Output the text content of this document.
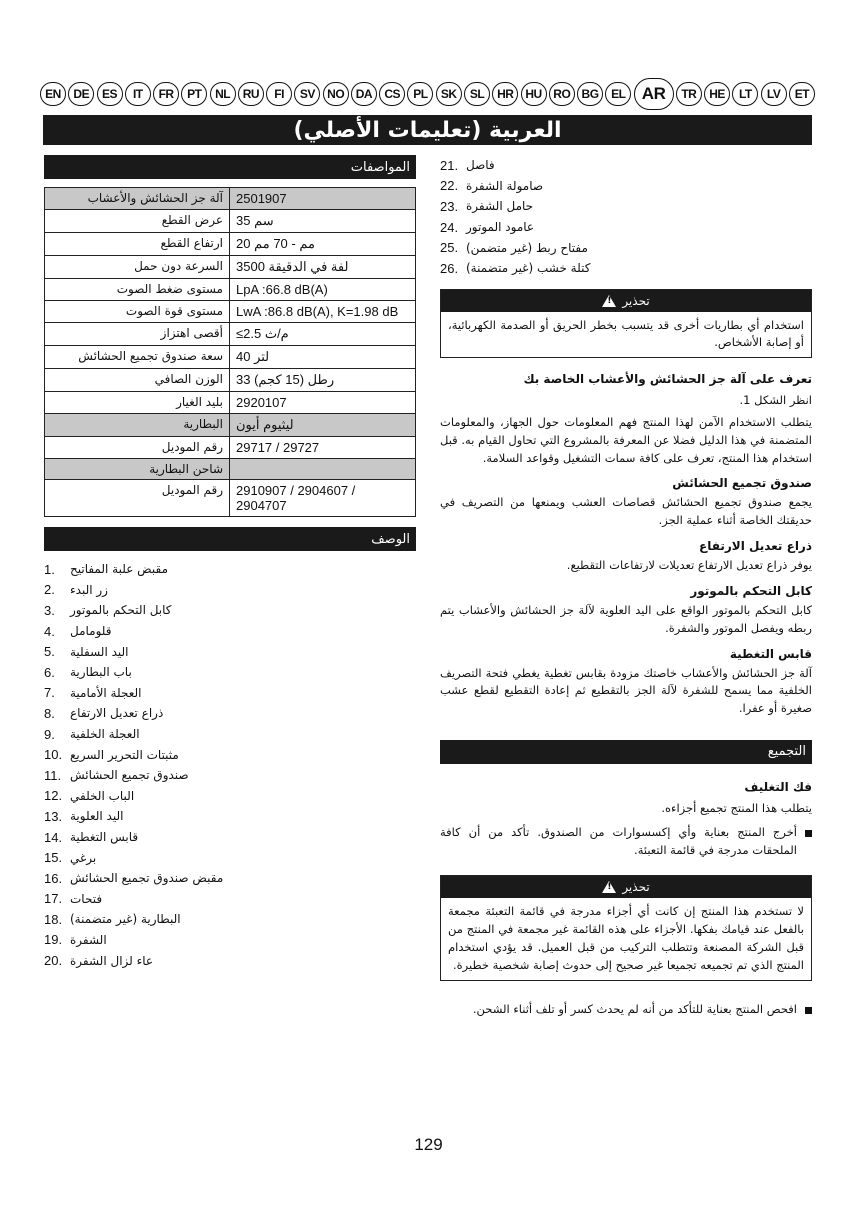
EN	DE	ES	IT	FR	PT	NL	RU	FI	SV	NO DA	CS	PL	SK	SL	HR HU RO BG	EL AR	TR	HE	LT	LV	ET
العربية (تعليمات الأصلي)
المواصفات
آلة جز الحشائش والأعشاب	2501907
عرض القطع	35 سم
ارتفاع القطع	20 مم - 70 مم
السرعة دون حمل	3500 لفة في الدقيقة
مستوى ضغط الصوت	LpA :66.8 dB(A)
مستوى قوة الصوت	LwA :86.8 dB(A), K=1.98 dB
أقصى اهتزاز	≤2.5 م/ث
سعة صندوق تجميع الحشائش	40 لتر
الوزن الصافي	33 رطل (15 كجم)
بليد الغيار	2920107
البطارية	ليثيوم أيون
رقم الموديل	29717 / 29727
شاحن البطارية	
رقم الموديل	2910907 / 2904607 / 2904707
الوصف
1.	مقبض علبة المفاتيح
2.	زر البدء
3.	كابل التحكم بالموتور
4.	قلومامل
5.	اليد السفلية
6.	باب البطارية
7.	العجلة الأمامية
8.	ذراع تعديل الارتفاع
9.	العجلة الخلفية
10. مثبتات التحرير السريع
11. صندوق تجميع الحشائش
12. الباب الخلفي
13. اليد العلوية
14. قابس التغطية
15. برغي
16. مقبض صندوق تجميع الحشائش
17. فتحات
18. البطارية (غير متضمنة)
19. الشفرة
20. عاء لزال الشفرة
21. فاصل
22. صامولة الشفرة
23. حامل الشفرة
24. عامود الموتور
25. مفتاح ربط (غير متضمن)
26. كتلة خشب (غير متضمنة)
!
تحذير
استخدام أي بطاريات أخرى قد يتسبب بخطر الحريق أو الصدمة الكهربائية، أو إصابة الأشخاص.
تعرف على آلة جز الحشائش والأعشاب الخاصة بك
انظر الشكل 1.
يتطلب الاستخدام الآمن لهذا المنتج فهم المعلومات حول الجهاز، والمعلومات المتضمنة في هذا الدليل فضلا عن المعرفة بالمشروع التي تحاول القيام به. قبل استخدام هذا المنتج، تعرف على كافة سمات التشغيل وقواعد السلامة.
صندوق تجميع الحشائش
يجمع صندوق تجميع الحشائش قصاصات العشب ويمنعها من التصريف في حديقتك الخاصة أثناء عملية الجز.
ذراع تعديل الارتفاع
يوفر ذراع تعديل الارتفاع تعديلات لارتفاعات التقطيع.
كابل التحكم بالموتور
كابل التحكم بالموتور الواقع على اليد العلوية لآلة جز الحشائش والأعشاب يتم ربطه ويفصل الموتور والشفرة.
قابس التغطية
آلة جز الحشائش والأعشاب خاصتك مزودة بقابس تغطية يغطي فتحة التصريف الخلفية مما يسمح للشفرة لآلة الجز بالتقطيع ثم إعادة التقطيع لقطع عشب صغيرة أو عفرا.
التجميع
فك التغليف
يتطلب هذا المنتج تجميع أجزاءه.
أخرج المنتج بعناية وأي إكسسوارات من الصندوق. تأكد من أن كافة الملحقات مدرجة في قائمة التعبئة.
!
تحذير
لا تستخدم هذا المنتج إن كانت أي أجزاء مدرجة في قائمة التعبئة مجمعة بالفعل عند قيامك بفكها. الأجزاء على هذه القائمة غير مجمعة في المنتج من قبل الشركة المصنعة وتتطلب التركيب من قبل العميل. قد يؤدي استخدام المنتج الذي تم تجميعه تجميعا غير صحيح إلى حدوث إصابة شخصية خطيرة.
افحص المنتج بعناية للتأكد من أنه لم يحدث كسر أو تلف أثناء الشحن.
129
